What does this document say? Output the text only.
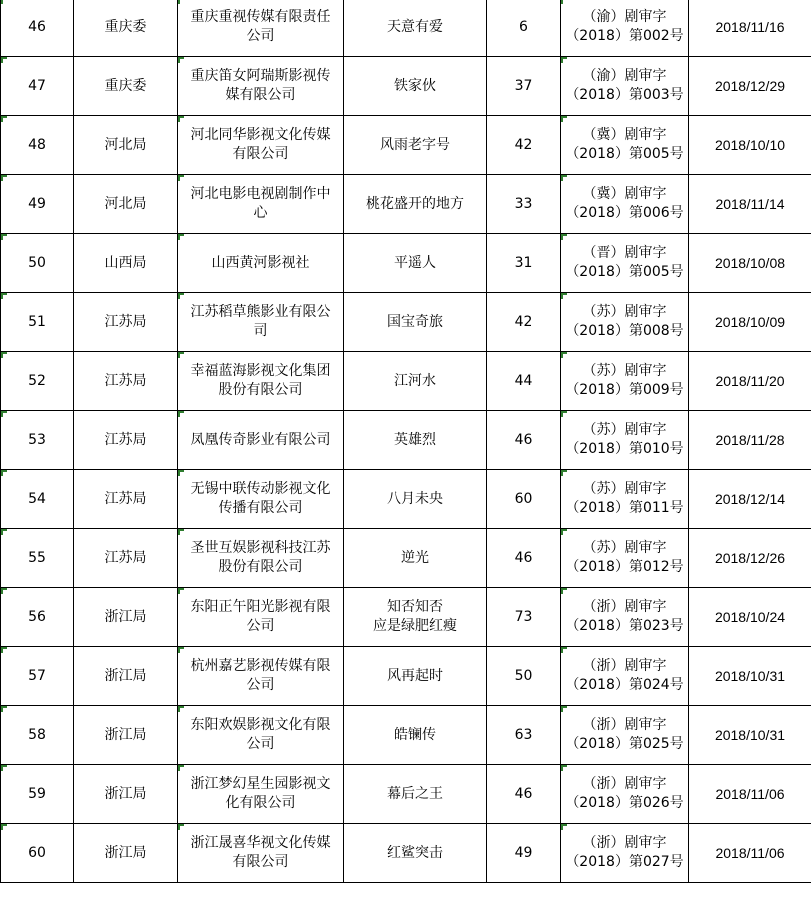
46	重庆委	重庆重视传媒有限责任
公司	天意有爱	6	（渝）剧审字
（2018）第002号	2018/11/16

47	重庆委	重庆笛女阿瑞斯影视传
媒有限公司	铁家伙	37	（渝）剧审字
（2018）第003号	2018/12/29

48	河北局	河北同华影视文化传媒
有限公司	风雨老字号	42	（冀）剧审字
（2018）第005号	2018/10/10

49	河北局	河北电影电视剧制作中
心	桃花盛开的地方	33	（冀）剧审字
（2018）第006号	2018/11/14

50	山西局	山西黄河影视社	平遥人	31	（晋）剧审字
（2018）第005号	2018/10/08

51	江苏局	江苏稻草熊影业有限公
司	国宝奇旅	42	（苏）剧审字
（2018）第008号	2018/10/09

52	江苏局	幸福蓝海影视文化集团
股份有限公司	江河水	44	（苏）剧审字
（2018）第009号	2018/11/20

53	江苏局	凤凰传奇影业有限公司	英雄烈	46	（苏）剧审字
（2018）第010号	2018/11/28

54	江苏局	无锡中联传动影视文化
传播有限公司	八月未央	60	（苏）剧审字
（2018）第011号	2018/12/14

55	江苏局	圣世互娱影视科技江苏
股份有限公司	逆光	46	（苏）剧审字
（2018）第012号	2018/12/26

56	浙江局	东阳正午阳光影视有限
公司	知否知否
应是绿肥红瘦	73	（浙）剧审字
（2018）第023号	2018/10/24

57	浙江局	杭州嘉艺影视传媒有限
公司	风再起时	50	（浙）剧审字
（2018）第024号	2018/10/31

58	浙江局	东阳欢娱影视文化有限
公司	皓镧传	63	（浙）剧审字
（2018）第025号	2018/10/31

59	浙江局	浙江梦幻星生园影视文
化有限公司	幕后之王	46	（浙）剧审字
（2018）第026号	2018/11/06

60	浙江局	浙江晟喜华视文化传媒
有限公司	红鲨突击	49	（浙）剧审字
（2018）第027号	2018/11/06
